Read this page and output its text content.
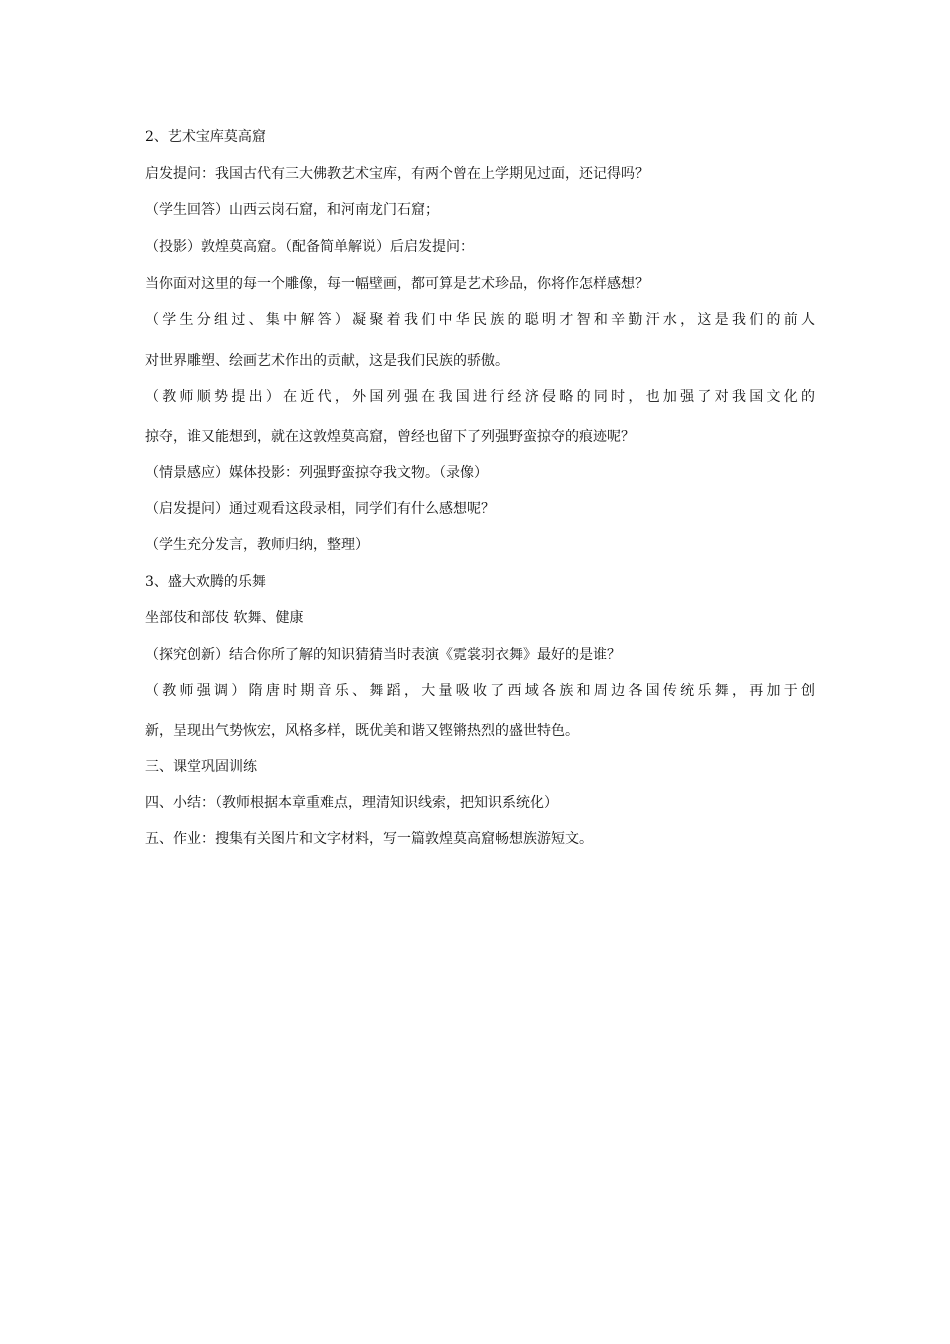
2、艺术宝库莫高窟
启发提问：我国古代有三大佛教艺术宝库，有两个曾在上学期见过面，还记得吗？
（学生回答）山西云岗石窟，和河南龙门石窟；
（投影）敦煌莫高窟。（配备简单解说）后启发提问：
当你面对这里的每一个雕像，每一幅壁画，都可算是艺术珍品，你将作怎样感想？
（学生分组过、集中解答）凝聚着我们中华民族的聪明才智和辛勤汗水，这是我们的前人
对世界雕塑、绘画艺术作出的贡献，这是我们民族的骄傲。
（教师顺势提出）在近代，外国列强在我国进行经济侵略的同时，也加强了对我国文化的
掠夺，谁又能想到，就在这敦煌莫高窟，曾经也留下了列强野蛮掠夺的痕迹呢？
（情景感应）媒体投影：列强野蛮掠夺我文物。（录像）
（启发提问）通过观看这段录相，同学们有什么感想呢？
（学生充分发言，教师归纳，整理）
3、盛大欢腾的乐舞
坐部伎和部伎 软舞、健康
（探究创新）结合你所了解的知识猜猜当时表演《霓裳羽衣舞》最好的是谁？
（教师强调）隋唐时期音乐、舞蹈，大量吸收了西域各族和周边各国传统乐舞，再加于创
新，呈现出气势恢宏，风格多样，既优美和谐又铿锵热烈的盛世特色。
三、课堂巩固训练
四、小结：（教师根据本章重难点，理清知识线索，把知识系统化）
五、作业：搜集有关图片和文字材料，写一篇敦煌莫高窟畅想族游短文。
